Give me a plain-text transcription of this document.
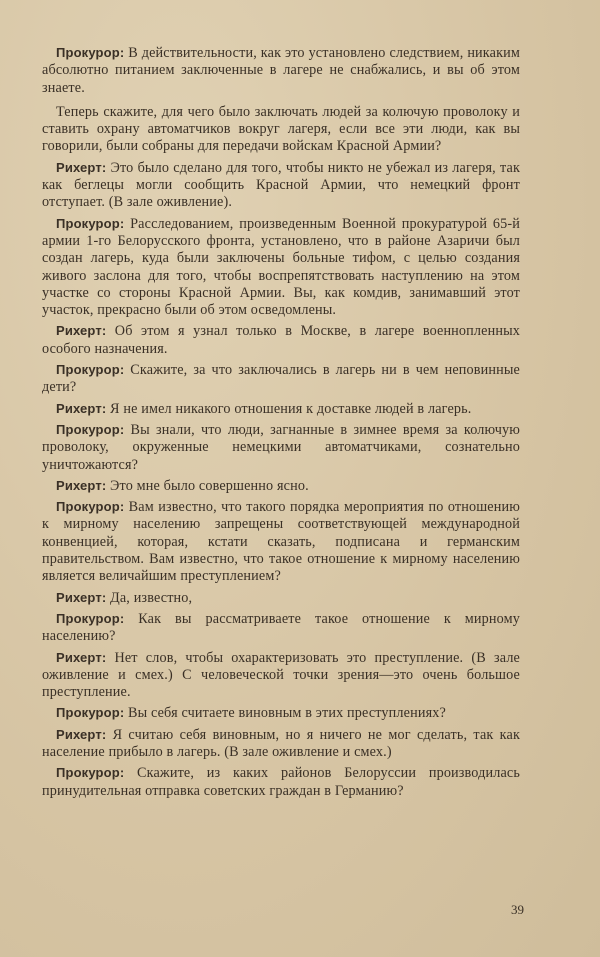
Прокурор: В действительности, как это установлено следствием, никаким абсолютно питанием заключенные в лагере не снабжались, и вы об этом знаете.

Теперь скажите, для чего было заключать людей за колючую проволоку и ставить охрану автоматчиков вокруг лагеря, если все эти люди, как вы говорили, были собраны для передачи войскам Красной Армии?

Рихерт: Это было сделано для того, чтобы никто не убежал из лагеря, так как беглецы могли сообщить Красной Армии, что немецкий фронт отступает. (В зале оживление).

Прокурор: Расследованием, произведенным Военной прокуратурой 65-й армии 1-го Белорусского фронта, установлено, что в районе Азаричи был создан лагерь, куда были заключены больные тифом, с целью создания живого заслона для того, чтобы воспрепятствовать наступлению на этом участке со стороны Красной Армии. Вы, как комдив, занимавший этот участок, прекрасно были об этом осведомлены.

Рихерт: Об этом я узнал только в Москве, в лагере военнопленных особого назначения.

Прокурор: Скажите, за что заключались в лагерь ни в чем неповинные дети?

Рихерт: Я не имел никакого отношения к доставке людей в лагерь.

Прокурор: Вы знали, что люди, загнанные в зимнее время за колючую проволоку, окруженные немецкими автоматчиками, сознательно уничтожаются?

Рихерт: Это мне было совершенно ясно.

Прокурор: Вам известно, что такого порядка мероприятия по отношению к мирному населению запрещены соответствующей международной конвенцией, которая, кстати сказать, подписана и германским правительством. Вам известно, что такое отношение к мирному населению является величайшим преступлением?

Рихерт: Да, известно,

Прокурор: Как вы рассматриваете такое отношение к мирному населению?

Рихерт: Нет слов, чтобы охарактеризовать это преступление. (В зале оживление и смех.) С человеческой точки зрения—это очень большое преступление.

Прокурор: Вы себя считаете виновным в этих преступлениях?

Рихерт: Я считаю себя виновным, но я ничего не мог сделать, так как население прибыло в лагерь. (В зале оживление и смех.)

Прокурор: Скажите, из каких районов Белоруссии производилась принудительная отправка советских граждан в Германию?

39
